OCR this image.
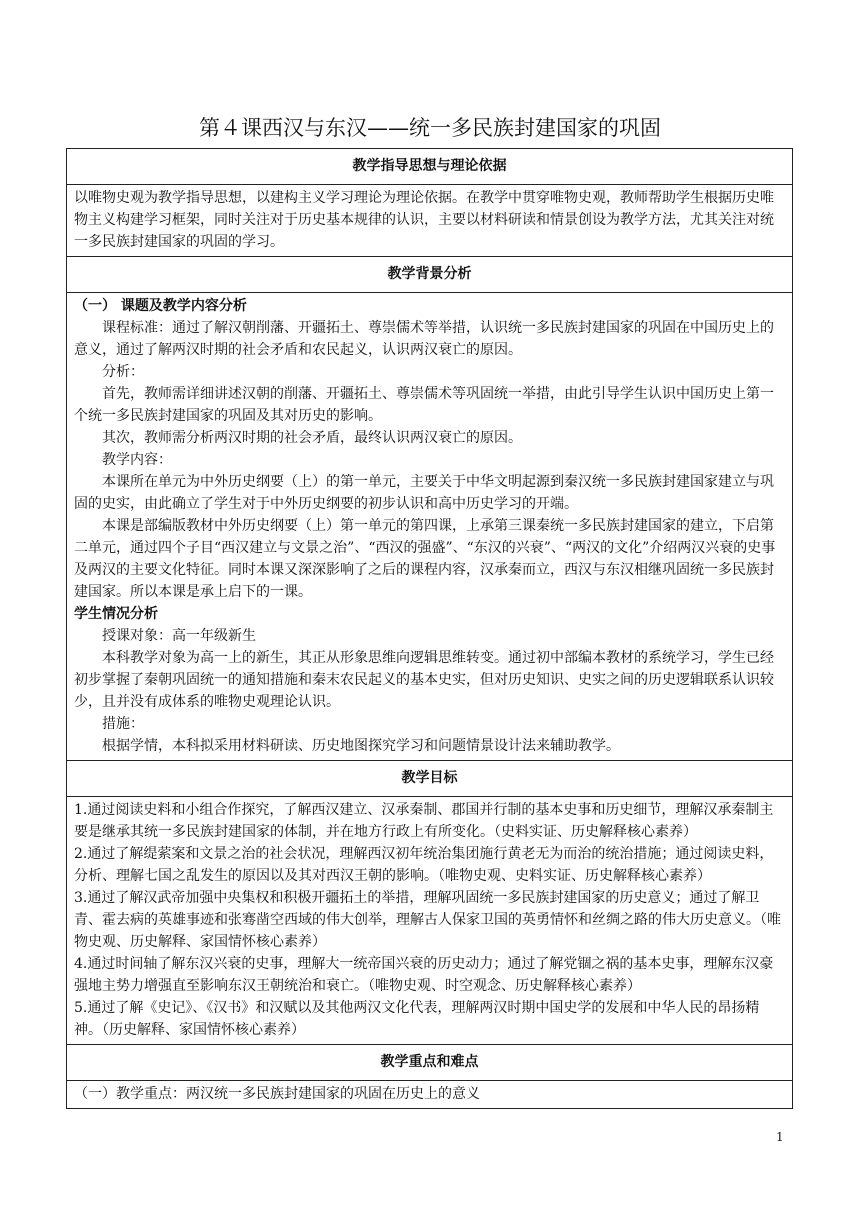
第４课西汉与东汉——统一多民族封建国家的巩固
教学指导思想与理论依据

以唯物史观为教学指导思想，以建构主义学习理论为理论依据。在教学中贯穿唯物史观，教师帮助学生根据历史唯物主义构建学习框架，同时关注对于历史基本规律的认识，主要以材料研读和情景创设为教学方法，尤其关注对统一多民族封建国家的巩固的学习。

教学背景分析

（一） 课题及教学内容分析

课程标准：通过了解汉朝削藩、开疆拓土、尊崇儒术等举措，认识统一多民族封建国家的巩固在中国历史上的意义，通过了解两汉时期的社会矛盾和农民起义，认识两汉衰亡的原因。

分析：

首先，教师需详细讲述汉朝的削藩、开疆拓土、尊崇儒术等巩固统一举措，由此引导学生认识中国历史上第一个统一多民族封建国家的巩固及其对历史的影响。

其次，教师需分析两汉时期的社会矛盾，最终认识两汉衰亡的原因。

教学内容：

本课所在单元为中外历史纲要（上）的第一单元，主要关于中华文明起源到秦汉统一多民族封建国家建立与巩固的史实，由此确立了学生对于中外历史纲要的初步认识和高中历史学习的开端。

本课是部编版教材中外历史纲要（上）第一单元的第四课，上承第三课秦统一多民族封建国家的建立，下启第二单元，通过四个子目“西汉建立与文景之治”、“西汉的强盛”、“东汉的兴衰”、“两汉的文化”介绍两汉兴衰的史事及两汉的主要文化特征。同时本课又深深影响了之后的课程内容，汉承秦而立，西汉与东汉相继巩固统一多民族封建国家。所以本课是承上启下的一课。

学生情况分析

授课对象：高一年级新生

本科教学对象为高一上的新生，其正从形象思维向逻辑思维转变。通过初中部编本教材的系统学习，学生已经初步掌握了秦朝巩固统一的通知措施和秦末农民起义的基本史实，但对历史知识、史实之间的历史逻辑联系认识较少，且并没有成体系的唯物史观理论认识。

措施：

根据学情，本科拟采用材料研读、历史地图探究学习和问题情景设计法来辅助教学。

教学目标

1.通过阅读史料和小组合作探究，了解西汉建立、汉承秦制、郡国并行制的基本史事和历史细节，理解汉承秦制主要是继承其统一多民族封建国家的体制，并在地方行政上有所变化。（史料实证、历史解释核心素养）

2.通过了解缇萦案和文景之治的社会状况，理解西汉初年统治集团施行黄老无为而治的统治措施；通过阅读史料，分析、理解七国之乱发生的原因以及其对西汉王朝的影响。（唯物史观、史料实证、历史解释核心素养）

3.通过了解汉武帝加强中央集权和积极开疆拓土的举措，理解巩固统一多民族封建国家的历史意义；通过了解卫青、霍去病的英雄事迹和张骞凿空西域的伟大创举，理解古人保家卫国的英勇情怀和丝绸之路的伟大历史意义。（唯物史观、历史解释、家国情怀核心素养）

4.通过时间轴了解东汉兴衰的史事，理解大一统帝国兴衰的历史动力；通过了解党锢之祸的基本史事，理解东汉豪强地主势力增强直至影响东汉王朝统治和衰亡。（唯物史观、时空观念、历史解释核心素养）

5.通过了解《史记》、《汉书》和汉赋以及其他两汉文化代表，理解两汉时期中国史学的发展和中华人民的昂扬精神。（历史解释、家国情怀核心素养）

教学重点和难点

（一）教学重点：两汉统一多民族封建国家的巩固在历史上的意义

1
